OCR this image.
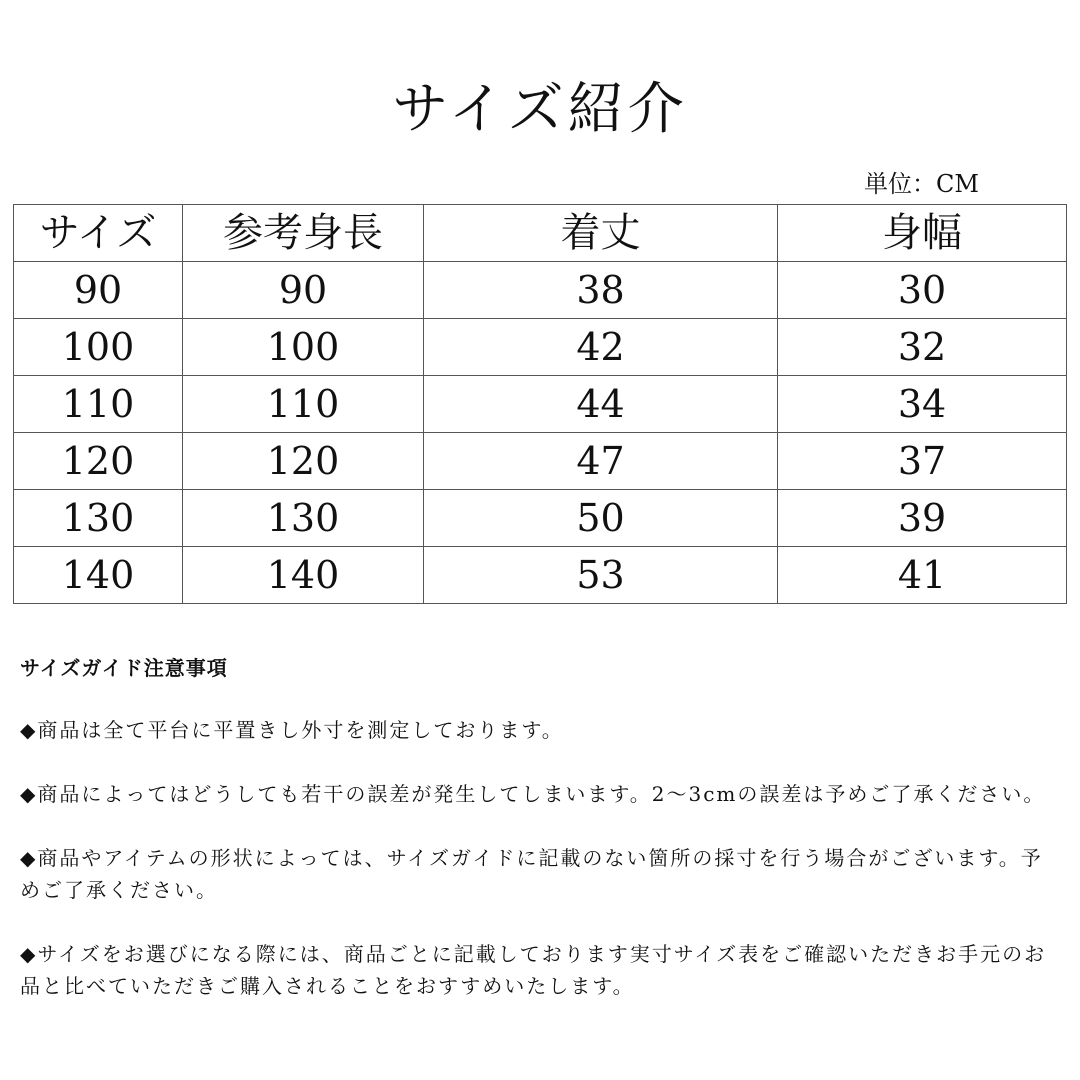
サイズ紹介
単位：CM
サイズ	参考身長	着丈	身幅
90	90	38	30
100	100	42	32
110	110	44	34
120	120	47	37
130	130	50	39
140	140	53	41
サイズガイド注意事項
◆商品は全て平台に平置きし外寸を測定しております。
◆商品によってはどうしても若干の誤差が発生してしまいます。2〜3cmの誤差は予めご了承ください。
◆商品やアイテムの形状によっては、サイズガイドに記載のない箇所の採寸を行う場合がございます。予めご了承ください。
◆サイズをお選びになる際には、商品ごとに記載しております実寸サイズ表をご確認いただきお手元のお品と比べていただきご購入されることをおすすめいたします。
